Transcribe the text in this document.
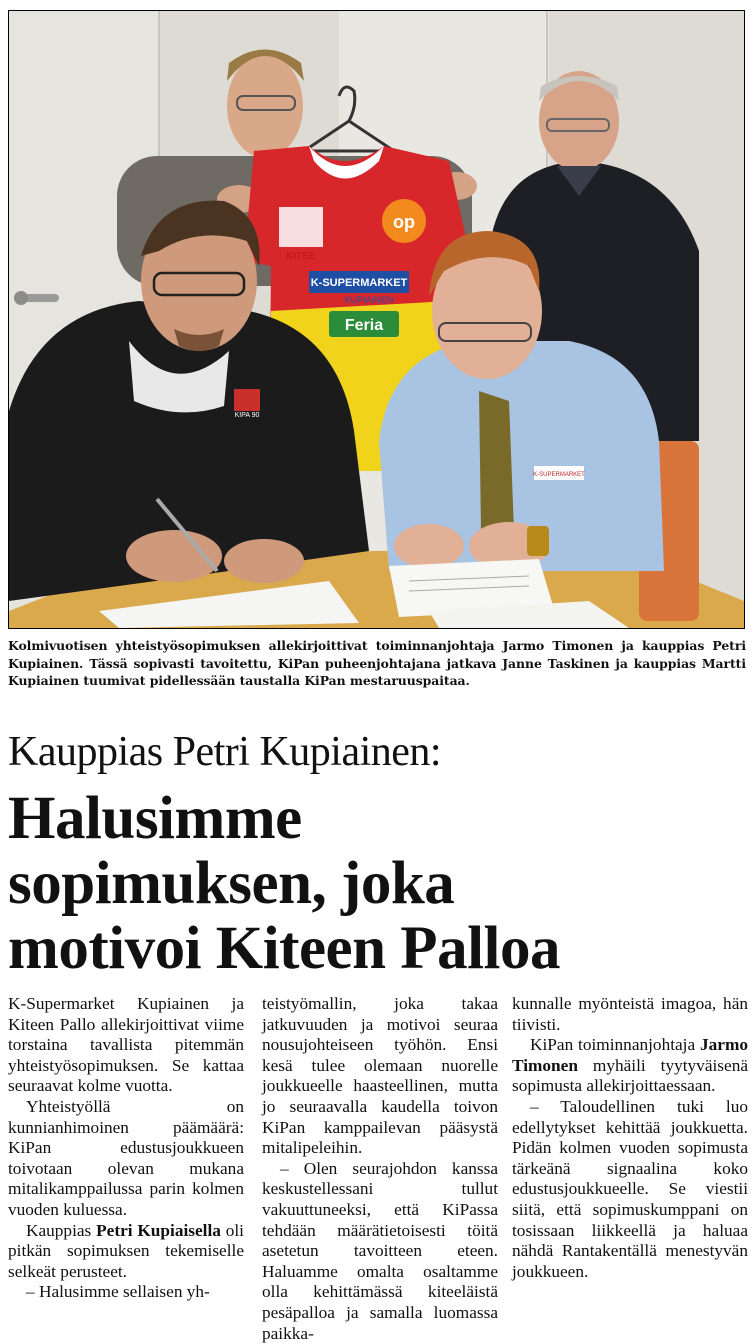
op
KITEE
K-SUPERMARKET
KUPIAINEN
Feria
KIPA 90
K-SUPERMARKET
Kolmivuotisen yhteistyösopimuksen allekirjoittivat toiminnanjohtaja Jarmo Timonen ja kauppias Petri Kupiainen. Tässä sopivasti tavoitettu, KiPan puheenjohtajana jatkava Janne Taskinen ja kauppias Martti Kupiainen tuumivat pidellessään taustalla KiPan mestaruuspaitaa.
Kauppias Petri Kupiainen:
Halusimme
sopimuksen, joka
motivoi Kiteen Palloa

K-Supermarket Kupiainen ja Kiteen Pallo allekirjoittivat viime torstaina tavallista pitemmän yhteistyösopimuksen. Se kattaa seuraavat kolme vuotta.

Yhteistyöllä on kunnianhimoinen päämäärä: KiPan edustusjoukkueen toivotaan olevan mukana mitalikamppailussa parin kolmen vuoden kuluessa.

Kauppias Petri Kupiaisella oli pitkän sopimuksen tekemiselle selkeät perusteet.

– Halusimme sellaisen yh-

teistyömallin, joka takaa jatkuvuuden ja motivoi seuraa nousujohteiseen työhön. Ensi kesä tulee olemaan nuorelle joukkueelle haasteellinen, mutta jo seuraavalla kaudella toivon KiPan kamppailevan pääsystä mitalipeleihin.

– Olen seurajohdon kanssa keskustellessani tullut vakuuttuneeksi, että KiPassa tehdään määrätietoisesti töitä asetetun tavoitteen eteen. Haluamme omalta osaltamme olla kehittämässä kiteeläistä pesäpalloa ja samalla luomassa paikka-

kunnalle myönteistä imagoa, hän tiivisti.

KiPan toiminnanjohtaja Jarmo Timonen myhäili tyytyväisenä sopimusta allekirjoittaessaan.

– Taloudellinen tuki luo edellytykset kehittää joukkuetta. Pidän kolmen vuoden sopimusta tärkeänä signaalina koko edustusjoukkueelle. Se viestii siitä, että sopimuskumppani on tosissaan liikkeellä ja haluaa nähdä Rantakentällä menestyvän joukkueen.
